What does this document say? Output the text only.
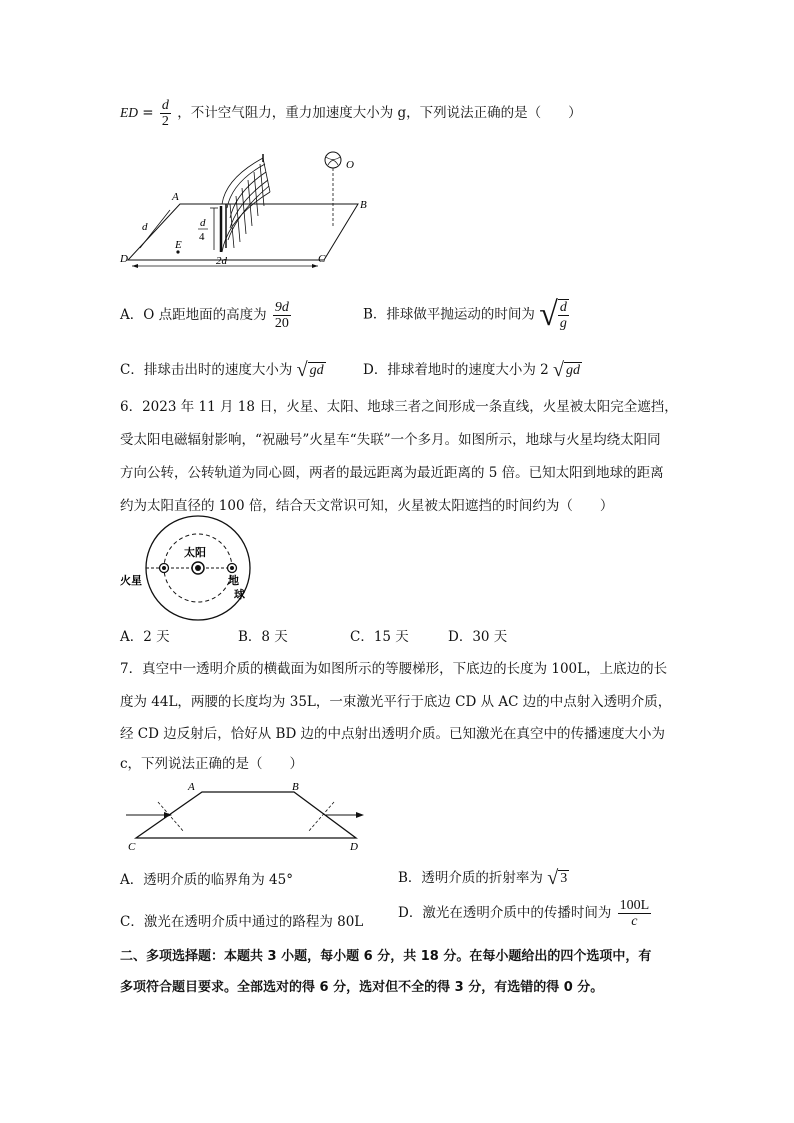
ED = $\frac{d}{2}$ ，不计空气阻力，重力加速度大小为 g，下列说法正确的是（　　）
d
4
A
B
C
D
E
O
d
2d
A．O 点距地面的高度为 $\frac{9d}{20}$	B．排球做平抛运动的时间为 √ $\frac{d}{g}$
C．排球击出时的速度大小为 √ gd	D．排球着地时的速度大小为 2 √ gd
6．2023 年 11 月 18 日，火星、太阳、地球三者之间形成一条直线，火星被太阳完全遮挡，
受太阳电磁辐射影响，“祝融号”火星车“失联”一个多月。如图所示，地球与火星均绕太阳同
方向公转，公转轨道为同心圆，两者的最远距离为最近距离的 5 倍。已知太阳到地球的距离
约为太阳直径的 100 倍，结合天文常识可知，火星被太阳遮挡的时间约为（　　）
太阳
火星	地
球
A．2 天	B．8 天	C．15 天	D．30 天
7．真空中一透明介质的横截面为如图所示的等腰梯形，下底边的长度为 100L，上底边的长
度为 44L，两腰的长度均为 35L，一束激光平行于底边 CD 从 AC 边的中点射入透明介质，
经 CD 边反射后，恰好从 BD 边的中点射出透明介质。已知激光在真空中的传播速度大小为
c，下列说法正确的是（　　）
A	B
C	D
A．透明介质的临界角为 45°	B．透明介质的折射率为 √ 3
C．激光在透明介质中通过的路程为 80L
D．激光在透明介质中的传播时间为 $\frac{100L}{c}$
二、多项选择题：本题共 3 小题，每小题 6 分，共 18 分。在每小题给出的四个选项中，有
多项符合题目要求。全部选对的得 6 分，选对但不全的得 3 分，有选错的得 0 分。
